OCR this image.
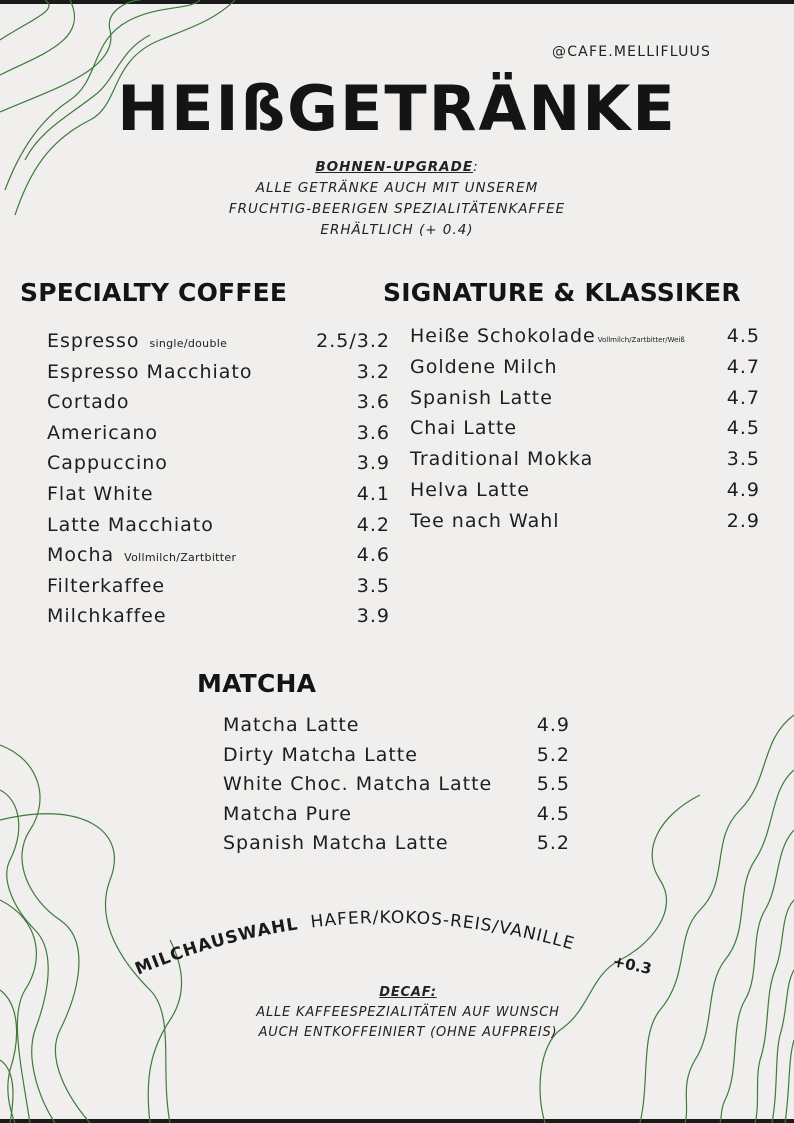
@CAFE.MELLIFLUUS
HEIßGETRÄNKE
BOHNEN-UPGRADE:
ALLE GETRÄNKE AUCH MIT UNSEREM
FRUCHTIG-BEERIGEN SPEZIALITÄTENKAFFEE
ERHÄLTLICH (+ 0.4)
SPECIALTY COFFEE
Espresso single/double	2.5/3.2
Espresso Macchiato	3.2
Cortado	3.6
Americano	3.6
Cappuccino	3.9
Flat White	4.1
Latte Macchiato	4.2
Mocha Vollmilch/Zartbitter	4.6
Filterkaffee	3.5
Milchkaffee	3.9
SIGNATURE & KLASSIKER
Heiße Schokolade Vollmilch/Zartbitter/Weiß 4.5
Goldene Milch	4.7
Spanish Latte	4.7
Chai Latte	4.5
Traditional Mokka	3.5
Helva Latte	4.9
Tee nach Wahl	2.9
MATCHA
Matcha Latte	4.9
Dirty Matcha Latte	5.2
White Choc. Matcha Latte 5.5
Matcha Pure	4.5
Spanish Matcha Latte	5.2
MILCHAUSWAHL HAFER/KOKOS-REIS/VANILLE
+0.3
DECAF:
ALLE KAFFEESPEZIALITÄTEN AUF WUNSCH
AUCH ENTKOFFEINIERT (OHNE AUFPREIS)
